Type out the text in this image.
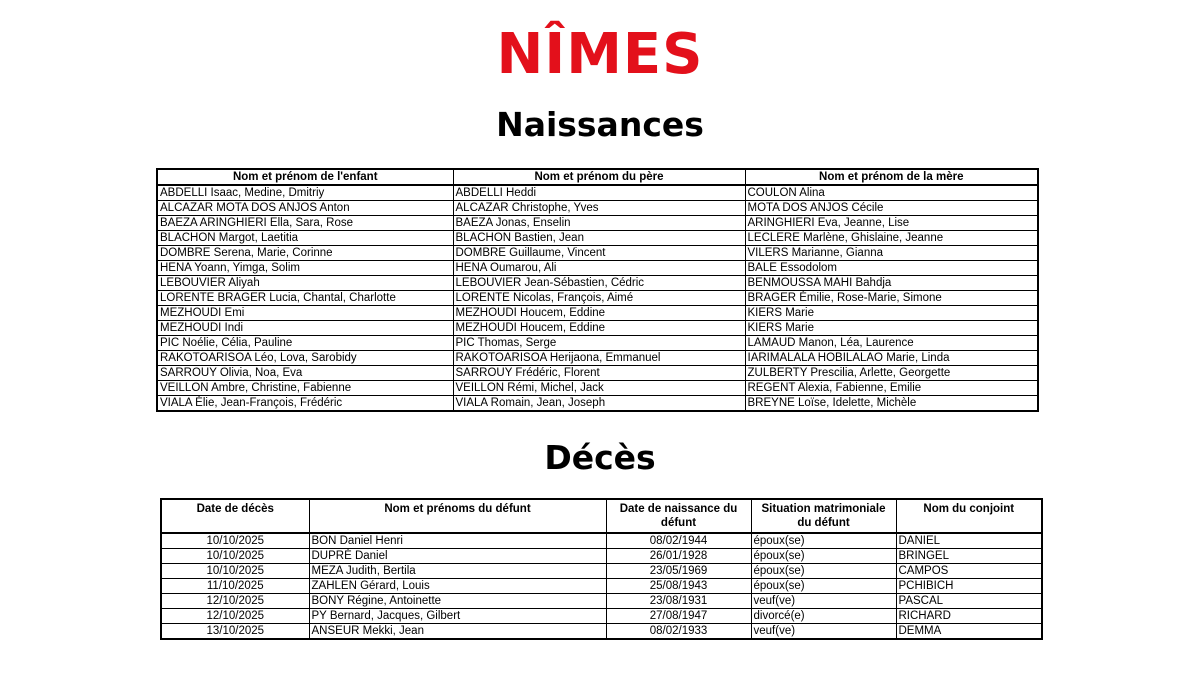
NÎMES
Naissances
Nom et prénom de l'enfant	Nom et prénom du père	Nom et prénom de la mère
ABDELLI Isaac, Medine, Dmitriy	ABDELLI Heddi	COULON Alina
ALCAZAR MOTA DOS ANJOS Anton	ALCAZAR Christophe, Yves	MOTA DOS ANJOS Cécile
BAEZA ARINGHIERI Ella, Sara, Rose	BAEZA Jonas, Enselin	ARINGHIERI Eva, Jeanne, Lise
BLACHON Margot, Laetitia	BLACHON Bastien, Jean	LECLERE Marlène, Ghislaine, Jeanne
DOMBRE Serena, Marie, Corinne	DOMBRE Guillaume, Vincent	VILERS Marianne, Gianna
HENA Yoann, Yimga, Solim	HENA Oumarou, Ali	BALE Essodolom
LEBOUVIER Aliyah	LEBOUVIER Jean-Sébastien, Cédric	BENMOUSSA MAHI Bahdja
LORENTE BRAGER Lucia, Chantal, Charlotte	LORENTE Nicolas, François, Aimé	BRAGER Émilie, Rose-Marie, Simone
MEZHOUDI Emi	MEZHOUDI Houcem, Eddine	KIERS Marie
MEZHOUDI Indi	MEZHOUDI Houcem, Eddine	KIERS Marie
PIC Noélie, Célia, Pauline	PIC Thomas, Serge	LAMAUD Manon, Léa, Laurence
RAKOTOARISOA Léo, Lova, Sarobidy	RAKOTOARISOA Herijaona, Emmanuel	IARIMALALA HOBILALAO Marie, Linda
SARROUY Olivia, Noa, Eva	SARROUY Frédéric, Florent	ZULBERTY Prescilia, Arlette, Georgette
VEILLON Ambre, Christine, Fabienne	VEILLON Rémi, Michel, Jack	REGENT Alexia, Fabienne, Emilie
VIALA Élie, Jean-François, Frédéric	VIALA Romain, Jean, Joseph	BREYNE Loïse, Idelette, Michèle
Décès
Date de décès	Nom et prénoms du défunt	Date de naissance du défunt	Situation matrimoniale du défunt	Nom du conjoint
10/10/2025	BON Daniel Henri	08/02/1944	époux(se)	DANIEL
10/10/2025	DUPRÉ Daniel	26/01/1928	époux(se)	BRINGEL
10/10/2025	MEZA Judith, Bertila	23/05/1969	époux(se)	CAMPOS
11/10/2025	ZAHLEN Gérard, Louis	25/08/1943	époux(se)	PCHIBICH
12/10/2025	BONY Régine, Antoinette	23/08/1931	veuf(ve)	PASCAL
12/10/2025	PY Bernard, Jacques, Gilbert	27/08/1947	divorcé(e)	RICHARD
13/10/2025	ANSEUR Mekki, Jean	08/02/1933	veuf(ve)	DEMMA
